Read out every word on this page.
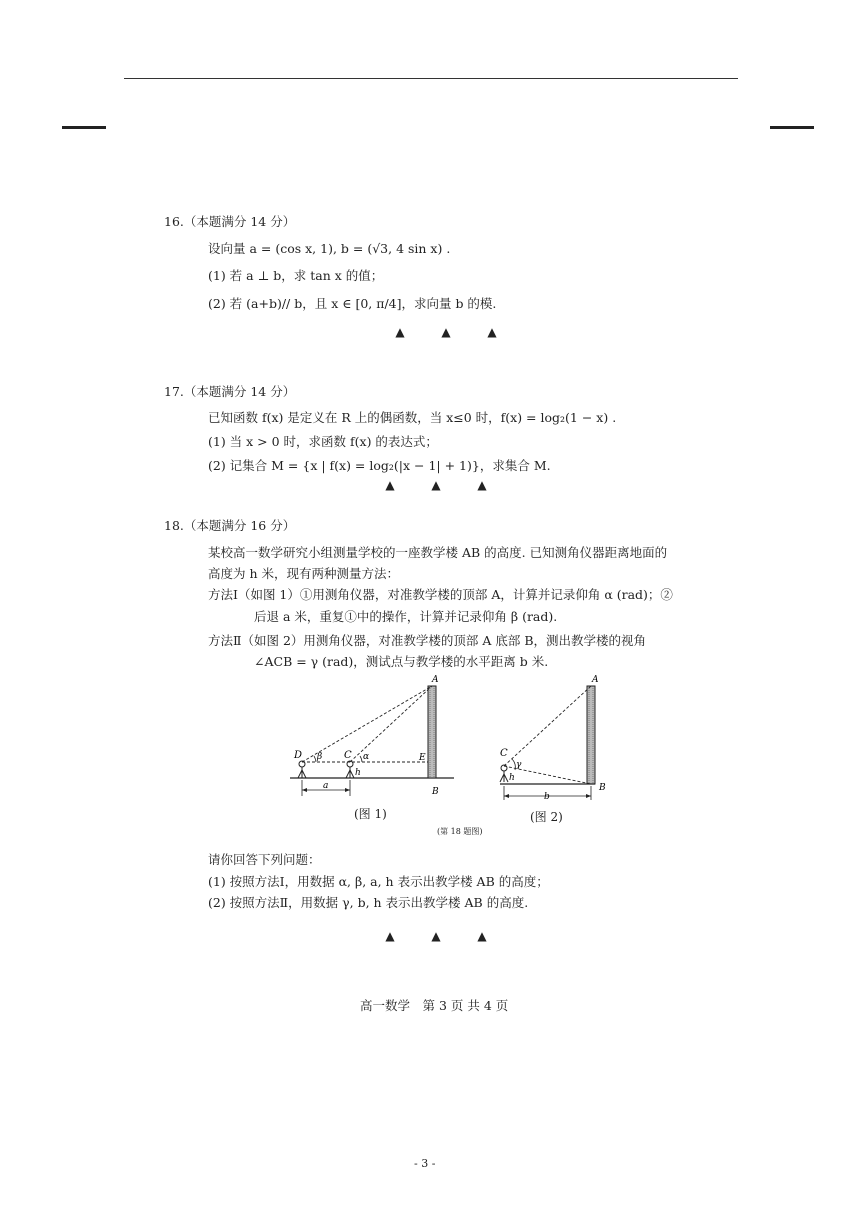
16.（本题满分 14 分）
设向量 a = (cos x, 1), b = (√3, 4 sin x) .
(1) 若 a ⊥ b，求 tan x 的值；
(2) 若 (a+b)// b，且 x ∈ [0, π/4]，求向量 b 的模.
▲	▲	▲
17.（本题满分 14 分）
已知函数 f(x) 是定义在 R 上的偶函数，当 x≤0 时，f(x) = log₂(1 − x) .
(1) 当 x > 0 时，求函数 f(x) 的表达式；
(2) 记集合 M = {x | f(x) = log₂(|x − 1| + 1)}，求集合 M.
▲	▲	▲
18.（本题满分 16 分）
某校高一数学研究小组测量学校的一座教学楼 AB 的高度. 已知测角仪器距离地面的
高度为 h 米，现有两种测量方法：
方法Ⅰ（如图 1）①用测角仪器，对准教学楼的顶部 A，计算并记录仰角 α (rad)；②
后退 a 米，重复①中的操作，计算并记录仰角 β (rad).
方法Ⅱ（如图 2）用测角仪器，对准教学楼的顶部 A 底部 B，测出教学楼的视角
∠ACB = γ (rad)，测试点与教学楼的水平距离 b 米.
A
B
D	C	E
β	α
h
a
A
B
C
γ
h
b
(图 1)	(图 2)
(第 18 题图)
请你回答下列问题：
(1) 按照方法Ⅰ，用数据 α, β, a, h 表示出教学楼 AB 的高度；
(2) 按照方法Ⅱ，用数据 γ, b, h 表示出教学楼 AB 的高度.
▲	▲	▲
高一数学　第 3 页 共 4 页
- 3 -
